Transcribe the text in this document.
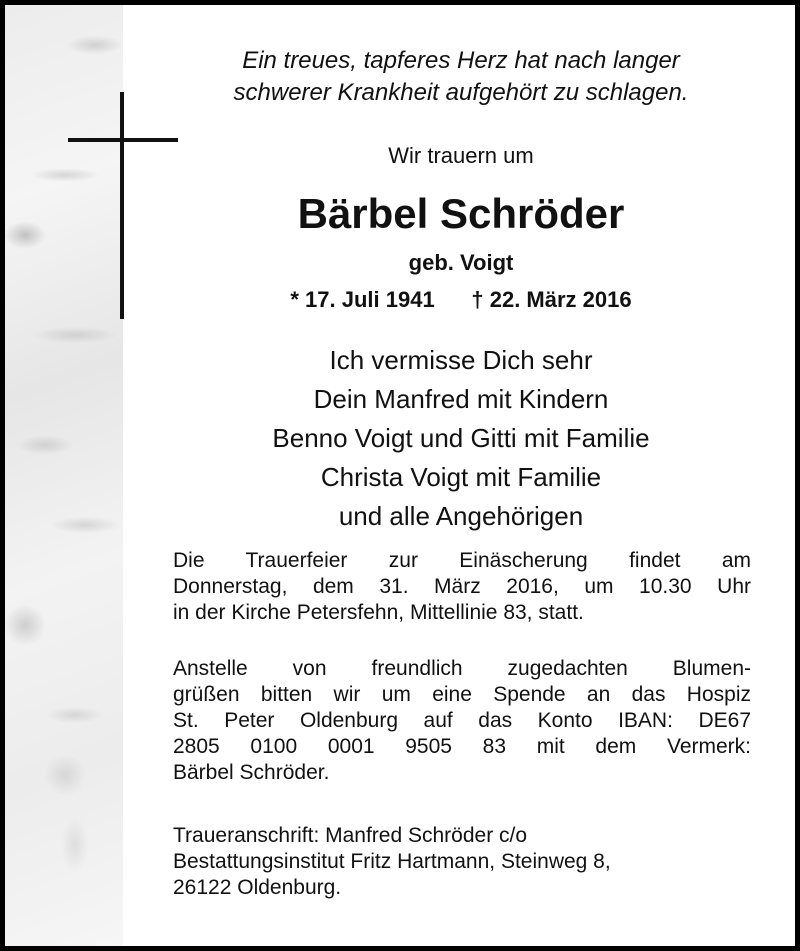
Ein treues, tapferes Herz hat nach langer
schwerer Krankheit aufgehört zu schlagen.
Wir trauern um
Bärbel Schröder
geb. Voigt
* 17. Juli 1941 † 22. März 2016
Ich vermisse Dich sehr
Dein Manfred mit Kindern
Benno Voigt und Gitti mit Familie
Christa Voigt mit Familie
und alle Angehörigen
Die Trauerfeier zur Einäscherung findet am
Donnerstag, dem 31. März 2016, um 10.30 Uhr
in der Kirche Petersfehn, Mittellinie 83, statt.
Anstelle von freundlich zugedachten Blumen-
grüßen bitten wir um eine Spende an das Hospiz
St. Peter Oldenburg auf das Konto IBAN: DE67
2805 0100 0001 9505 83 mit dem Vermerk:
Bärbel Schröder.
Traueranschrift: Manfred Schröder c/o
Bestattungsinstitut Fritz Hartmann, Steinweg 8,
26122 Oldenburg.
